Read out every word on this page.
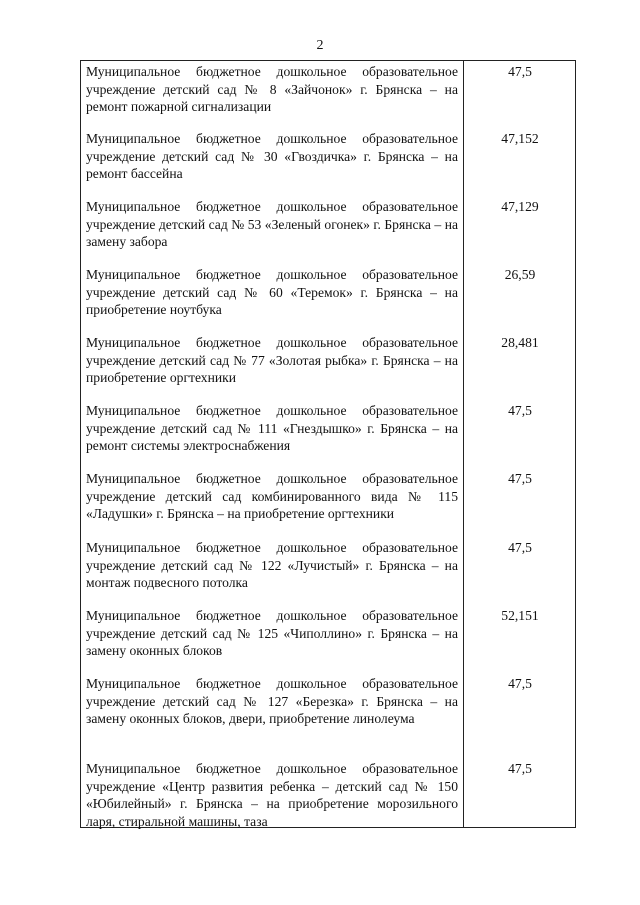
2
Муниципальное бюджетное дошкольное образовательное учреждение детский сад № 8 «Зайчонок» г. Брянска – на ремонт пожарной сигнализации
47,5
Муниципальное бюджетное дошкольное образовательное учреждение детский сад № 30 «Гвоздичка» г. Брянска – на ремонт бассейна
47,152
Муниципальное бюджетное дошкольное образовательное учреждение детский сад № 53 «Зеленый огонек» г. Брянска – на замену забора
47,129
Муниципальное бюджетное дошкольное образовательное учреждение детский сад № 60 «Теремок» г. Брянска – на приобретение ноутбука
26,59
Муниципальное бюджетное дошкольное образовательное учреждение детский сад № 77 «Золотая рыбка» г. Брянска – на приобретение оргтехники
28,481
Муниципальное бюджетное дошкольное образовательное учреждение детский сад № 111 «Гнездышко» г. Брянска – на ремонт системы электроснабжения
47,5
Муниципальное бюджетное дошкольное образовательное учреждение детский сад комбинированного вида № 115 «Ладушки» г. Брянска – на приобретение оргтехники
47,5
Муниципальное бюджетное дошкольное образовательное учреждение детский сад № 122 «Лучистый» г. Брянска – на монтаж подвесного потолка
47,5
Муниципальное бюджетное дошкольное образовательное учреждение детский сад № 125 «Чиполлино» г. Брянска – на замену оконных блоков
52,151
Муниципальное бюджетное дошкольное образовательное учреждение детский сад № 127 «Березка» г. Брянска – на замену оконных блоков, двери, приобретение линолеума
47,5
Муниципальное бюджетное дошкольное образовательное учреждение «Центр развития ребенка – детский сад № 150 «Юбилейный» г. Брянска – на приобретение морозильного ларя, стиральной машины, таза
47,5
